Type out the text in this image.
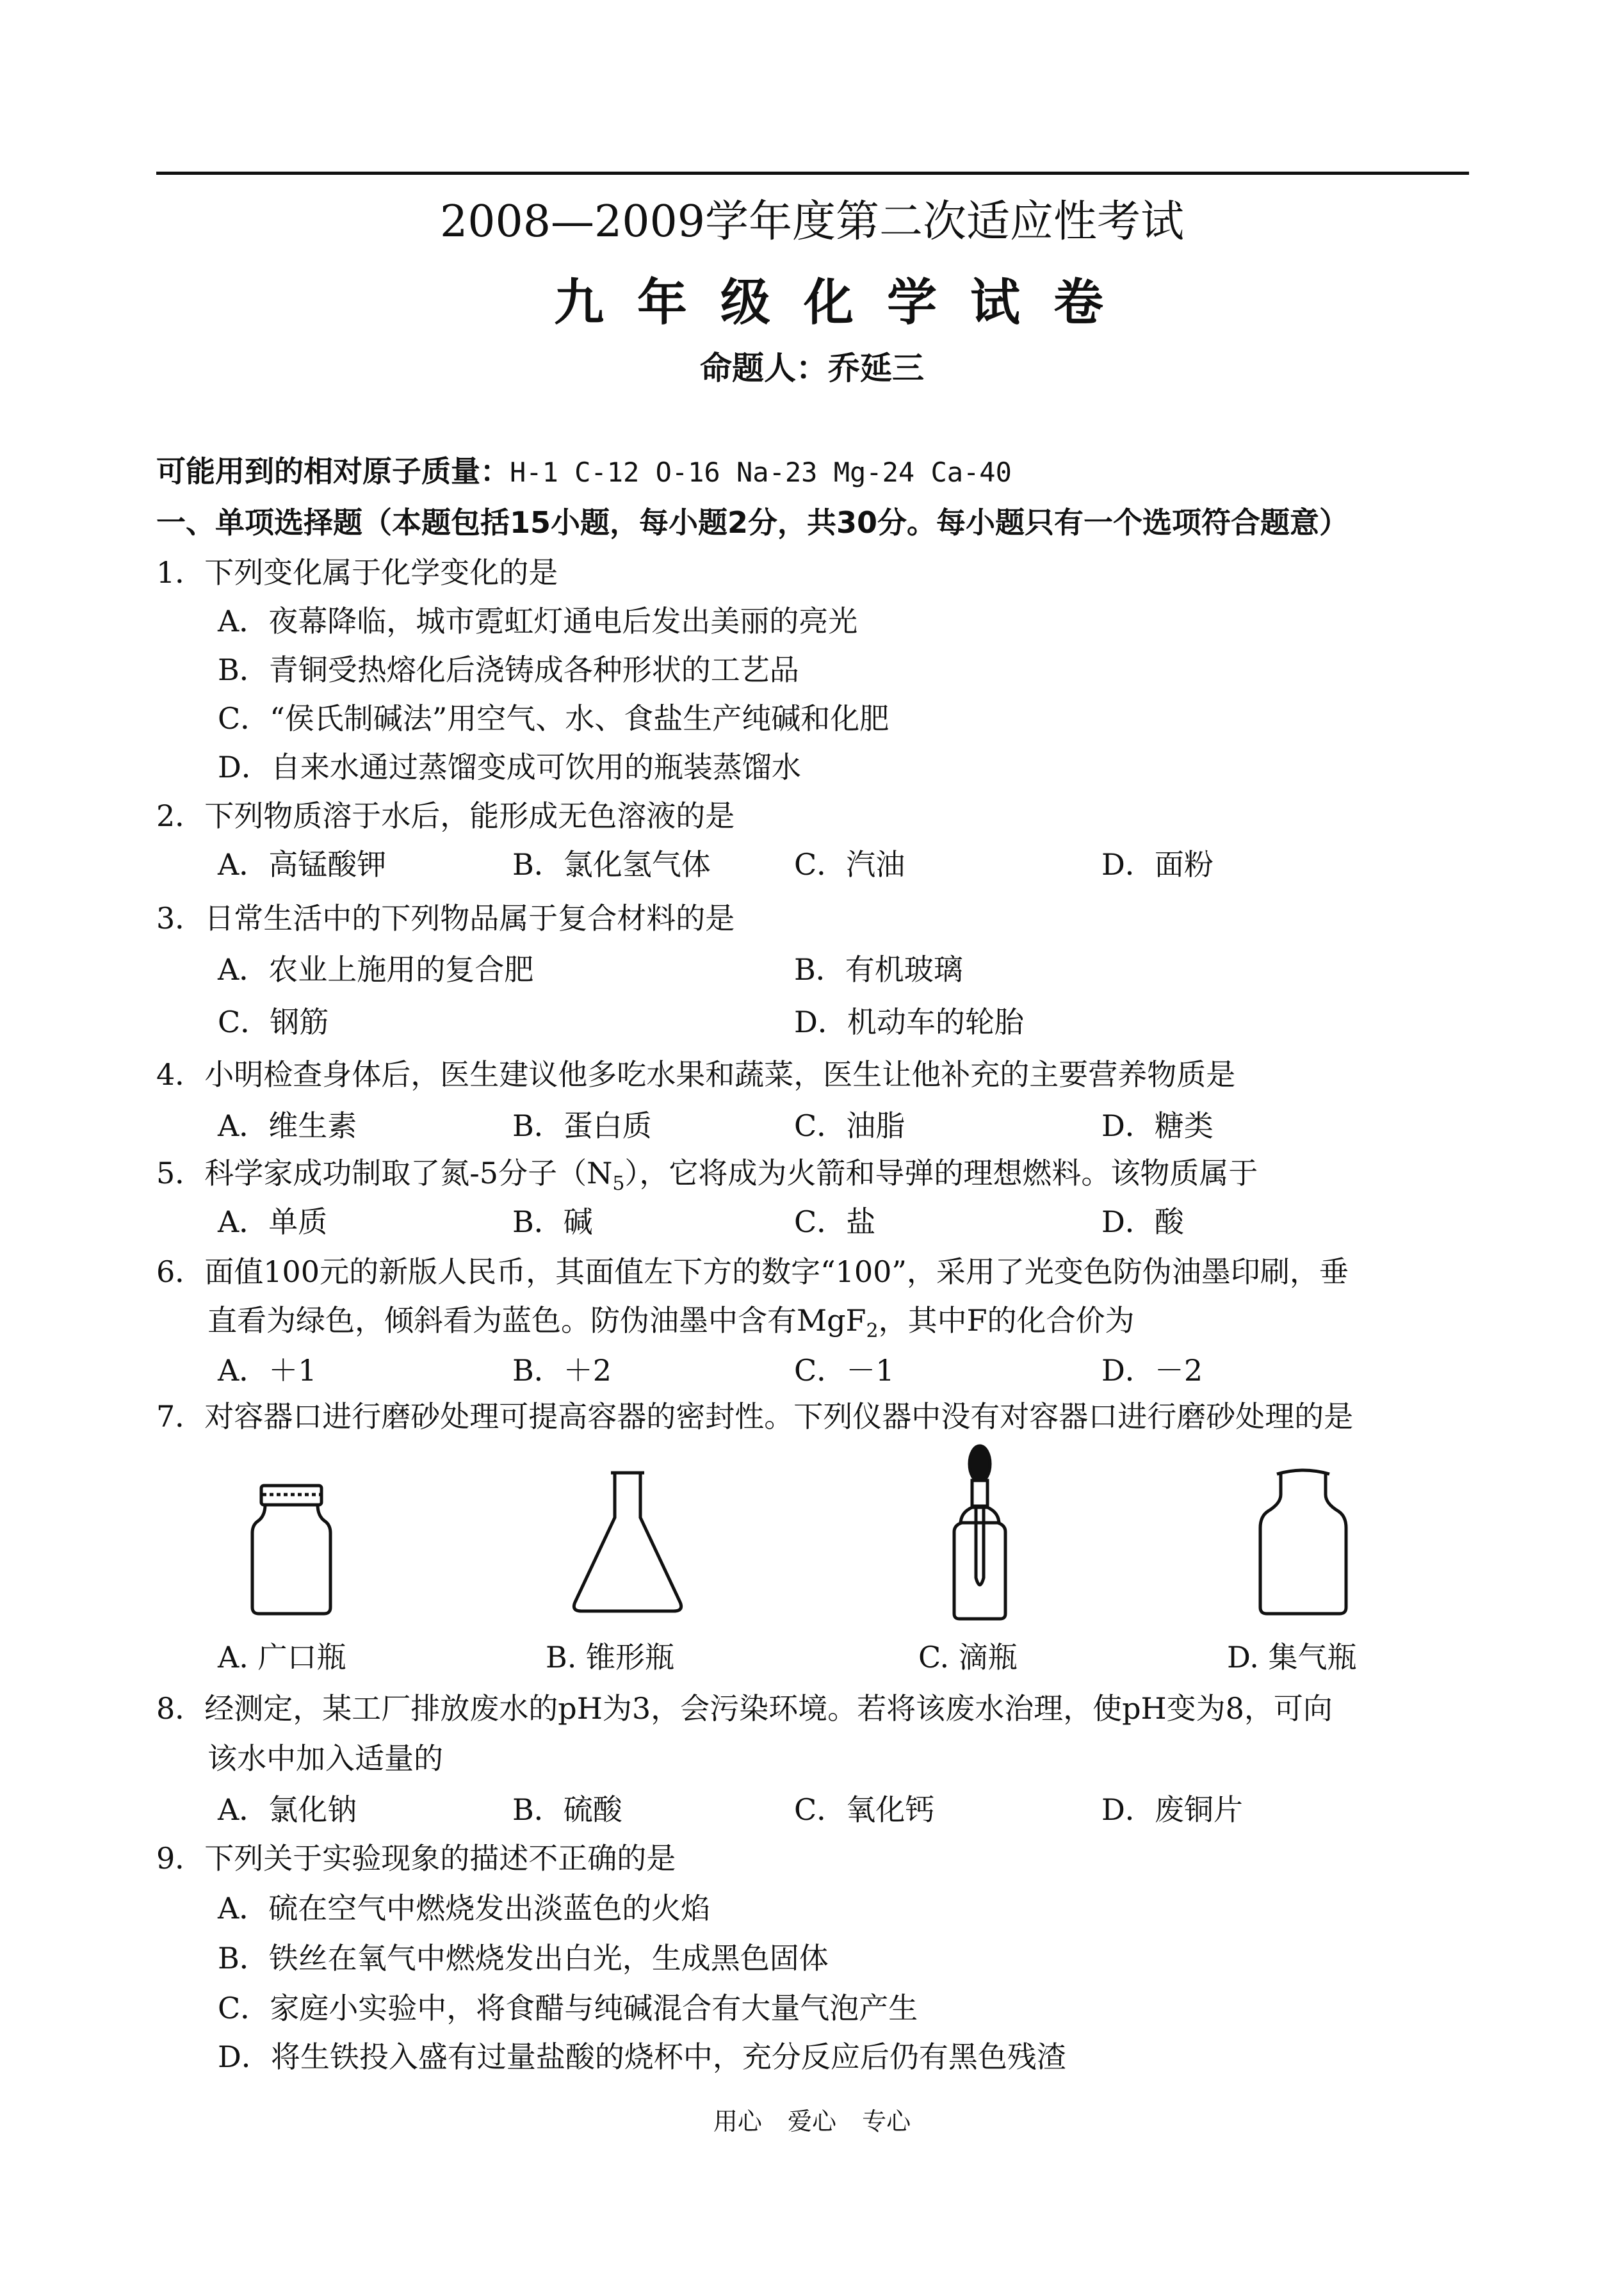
2008—2009学年度第二次适应性考试
九年级化学试卷
命题人：乔延三
可能用到的相对原子质量：H-1 C-12 O-16 Na-23 Mg-24 Ca-40
一、单项选择题（本题包括15小题，每小题2分，共30分。每小题只有一个选项符合题意）
1．下列变化属于化学变化的是
A．夜幕降临，城市霓虹灯通电后发出美丽的亮光
B．青铜受热熔化后浇铸成各种形状的工艺品
C．“侯氏制碱法”用空气、水、食盐生产纯碱和化肥
D．自来水通过蒸馏变成可饮用的瓶装蒸馏水
2．下列物质溶于水后，能形成无色溶液的是
A．高锰酸钾	B．氯化氢气体	C．汽油	D．面粉
3．日常生活中的下列物品属于复合材料的是
A．农业上施用的复合肥	B．有机玻璃
C．钢筋	D．机动车的轮胎
4．小明检查身体后，医生建议他多吃水果和蔬菜，医生让他补充的主要营养物质是
A．维生素	B．蛋白质	C．油脂	D．糖类
5．科学家成功制取了氮-5分子$(N_5)$，它将成为火箭和导弹的理想燃料。该物质属于
A．单质	B．碱	C．盐	D．酸
6．面值100元的新版人民币，其面值左下方的数字“100”，采用了光变色防伪油墨印刷，垂
直看为绿色，倾斜看为蓝色。防伪油墨中含有MgF$_2$，其中F的化合价为
A．＋1	B．＋2	C．－1	D．－2
7．对容器口进行磨砂处理可提高容器的密封性。下列仪器中没有对容器口进行磨砂处理的是
A. 广口瓶	B. 锥形瓶	C. 滴瓶	D. 集气瓶
8．经测定，某工厂排放废水的pH为3，会污染环境。若将该废水治理，使pH变为8，可向
该水中加入适量的
A．氯化钠	B．硫酸	C．氧化钙	D．废铜片
9．下列关于实验现象的描述不正确的是
A．硫在空气中燃烧发出淡蓝色的火焰
B．铁丝在氧气中燃烧发出白光，生成黑色固体
C．家庭小实验中，将食醋与纯碱混合有大量气泡产生
D．将生铁投入盛有过量盐酸的烧杯中，充分反应后仍有黑色残渣
用心 爱心 专心
